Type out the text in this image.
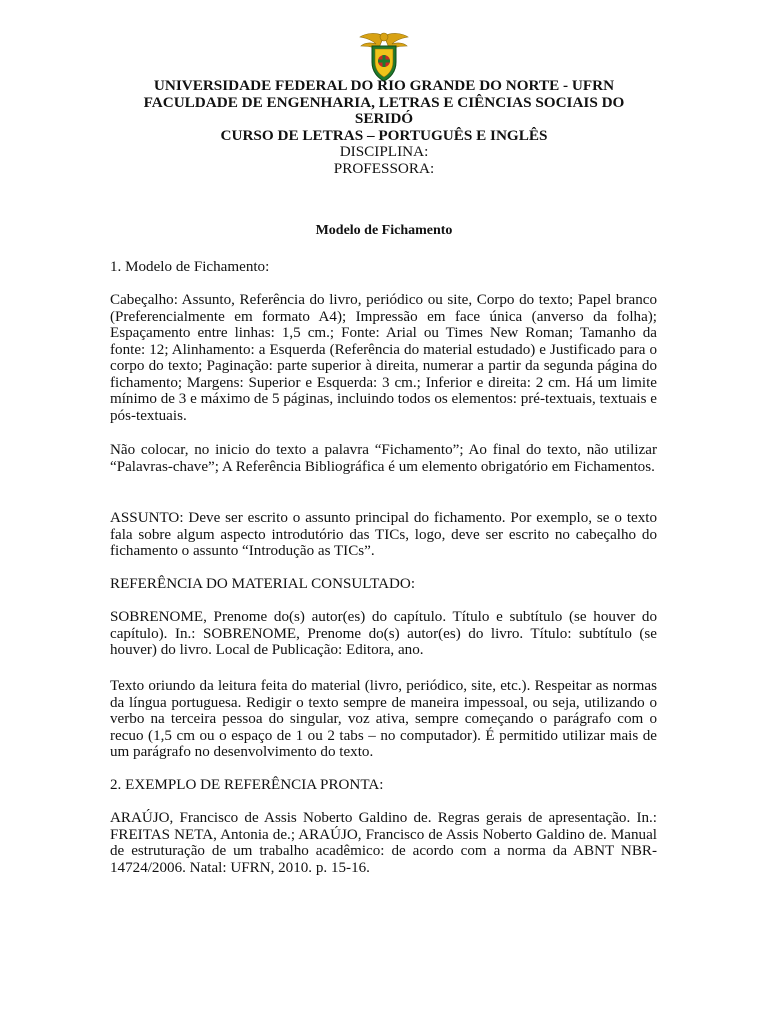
UNIVERSIDADE FEDERAL DO RIO GRANDE DO NORTE - UFRN
FACULDADE DE ENGENHARIA, LETRAS E CIÊNCIAS SOCIAIS DO
SERIDÓ
CURSO DE LETRAS – PORTUGUÊS E INGLÊS
DISCIPLINA:
PROFESSORA:
Modelo de Fichamento

1. Modelo de Fichamento:

Cabeçalho: Assunto, Referência do livro, periódico ou site, Corpo do texto; Papel branco (Preferencialmente em formato A4); Impressão em face única (anverso da folha); Espaçamento entre linhas: 1,5 cm.; Fonte: Arial ou Times New Roman; Tamanho da fonte: 12; Alinhamento: a Esquerda (Referência do material estudado) e Justificado para o corpo do texto; Paginação: parte superior à direita, numerar a partir da segunda página do fichamento; Margens: Superior e Esquerda: 3 cm.; Inferior e direita: 2 cm. Há um limite mínimo de 3 e máximo de 5 páginas, incluindo todos os elementos: pré-textuais, textuais e pós-textuais.

Não colocar, no inicio do texto a palavra “Fichamento”; Ao final do texto, não utilizar “Palavras-chave”; A Referência Bibliográfica é um elemento obrigatório em Fichamentos.

ASSUNTO: Deve ser escrito o assunto principal do fichamento. Por exemplo, se o texto fala sobre algum aspecto introdutório das TICs, logo, deve ser escrito no cabeçalho do fichamento o assunto “Introdução as TICs”.

REFERÊNCIA DO MATERIAL CONSULTADO:

SOBRENOME, Prenome do(s) autor(es) do capítulo. Título e subtítulo (se houver do capítulo). In.: SOBRENOME, Prenome do(s) autor(es) do livro. Título: subtítulo (se houver) do livro. Local de Publicação: Editora, ano.

Texto oriundo da leitura feita do material (livro, periódico, site, etc.). Respeitar as normas da língua portuguesa. Redigir o texto sempre de maneira impessoal, ou seja, utilizando o verbo na terceira pessoa do singular, voz ativa, sempre começando o parágrafo com o recuo (1,5 cm ou o espaço de 1 ou 2 tabs – no computador). É permitido utilizar mais de um parágrafo no desenvolvimento do texto.

2. EXEMPLO DE REFERÊNCIA PRONTA:

ARAÚJO, Francisco de Assis Noberto Galdino de. Regras gerais de apresentação. In.: FREITAS NETA, Antonia de.; ARAÚJO, Francisco de Assis Noberto Galdino de. Manual de estruturação de um trabalho acadêmico: de acordo com a norma da ABNT NBR-14724/2006. Natal: UFRN, 2010. p. 15-16.
